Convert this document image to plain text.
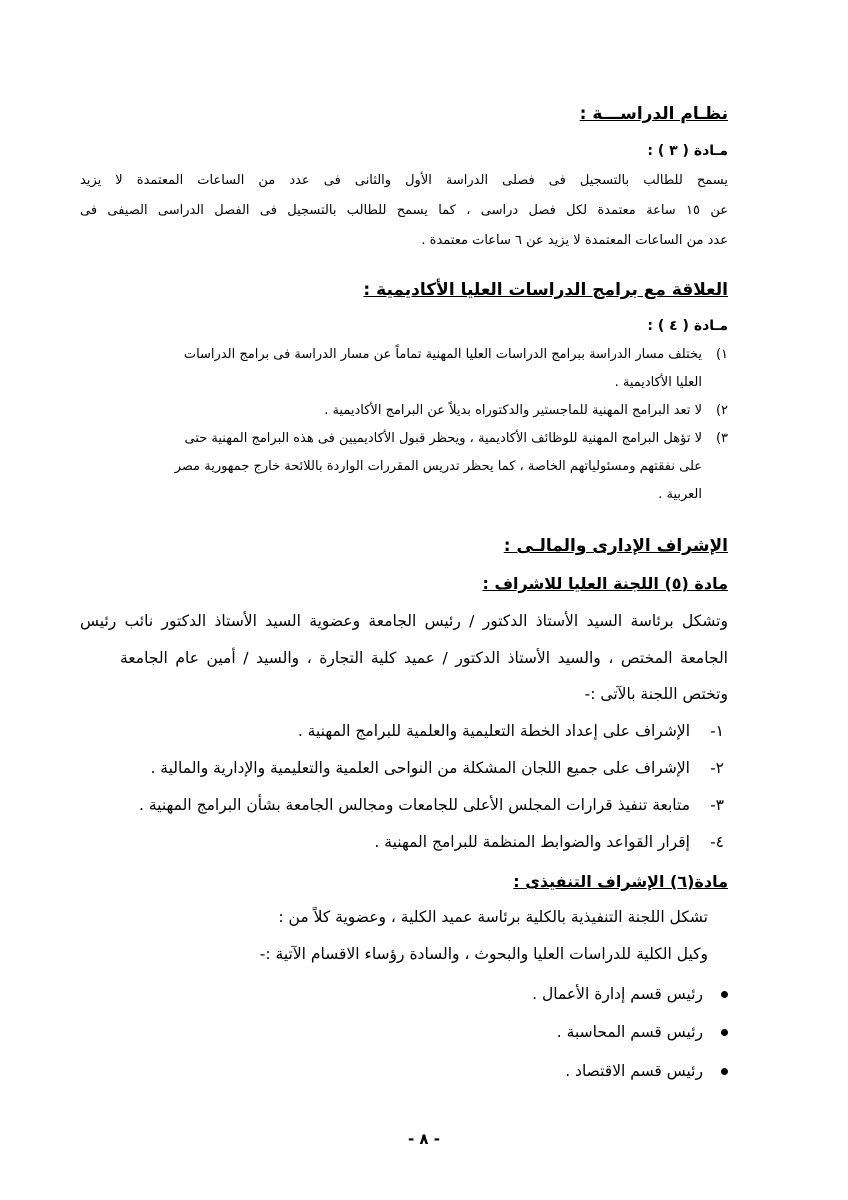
نظـام الدراســـة :
مـادة ( ٣ ) :
يسمح للطالب بالتسجيل فى فصلى الدراسة الأول والثانى فى عدد من الساعات المعتمدة لا يزيد
عن ١٥ ساعة معتمدة لكل فصل دراسى ، كما يسمح للطالب بالتسجيل فى الفصل الدراسى الصيفى فى
عدد من الساعات المعتمدة لا يزيد عن ٦ ساعات معتمدة .
العلاقة مع برامج الدراسات العليا الأكاديمية :
مـادة ( ٤ ) :
١)يختلف مسار الدراسة ببرامج الدراسات العليا المهنية تماماً عن مسار الدراسة فى برامج الدراسات
العليا الأكاديمية .
٢)لا تعد البرامج المهنية للماجستير والدكتوراه بديلاً عن البرامج الأكاديمية .
٣)لا تؤهل البرامج المهنية للوظائف الأكاديمية ، ويحظر قبول الأكاديميين فى هذه البرامج المهنية حتى
على نفقتهم ومسئولياتهم الخاصة ، كما يحظر تدريس المقررات الواردة باللائحة خارج جمهورية مصر
العربية .
الإشراف الإدارى والمالـى :
مادة (٥) اللجنة العليا للاشراف :
وتشكل برئاسة السيد الأستاذ الدكتور / رئيس الجامعة وعضوية السيد الأستاذ الدكتور نائب رئيس
الجامعة المختص ، والسيد الأستاذ الدكتور / عميد كلية التجارة ، والسيد / أمين عام الجامعة
وتختص اللجنة بالآتى :-
١-الإشراف على إعداد الخطة التعليمية والعلمية للبرامج المهنية .
٢-الإشراف على جميع اللجان المشكلة من النواحى العلمية والتعليمية والإدارية والمالية .
٣-متابعة تنفيذ قرارات المجلس الأعلى للجامعات ومجالس الجامعة بشأن البرامج المهنية .
٤-إقرار القواعد والضوابط المنظمة للبرامج المهنية .
مادة(٦) الإشراف التنفيذى :
تشكل اللجنة التنفيذية بالكلية برئاسة عميد الكلية ، وعضوية كلاً من :
وكيل الكلية للدراسات العليا والبحوث ، والسادة رؤساء الاقسام الآتية :-
رئيس قسم إدارة الأعمال .
رئيس قسم المحاسبة .
رئيس قسم الاقتصاد .
- ٨ -
